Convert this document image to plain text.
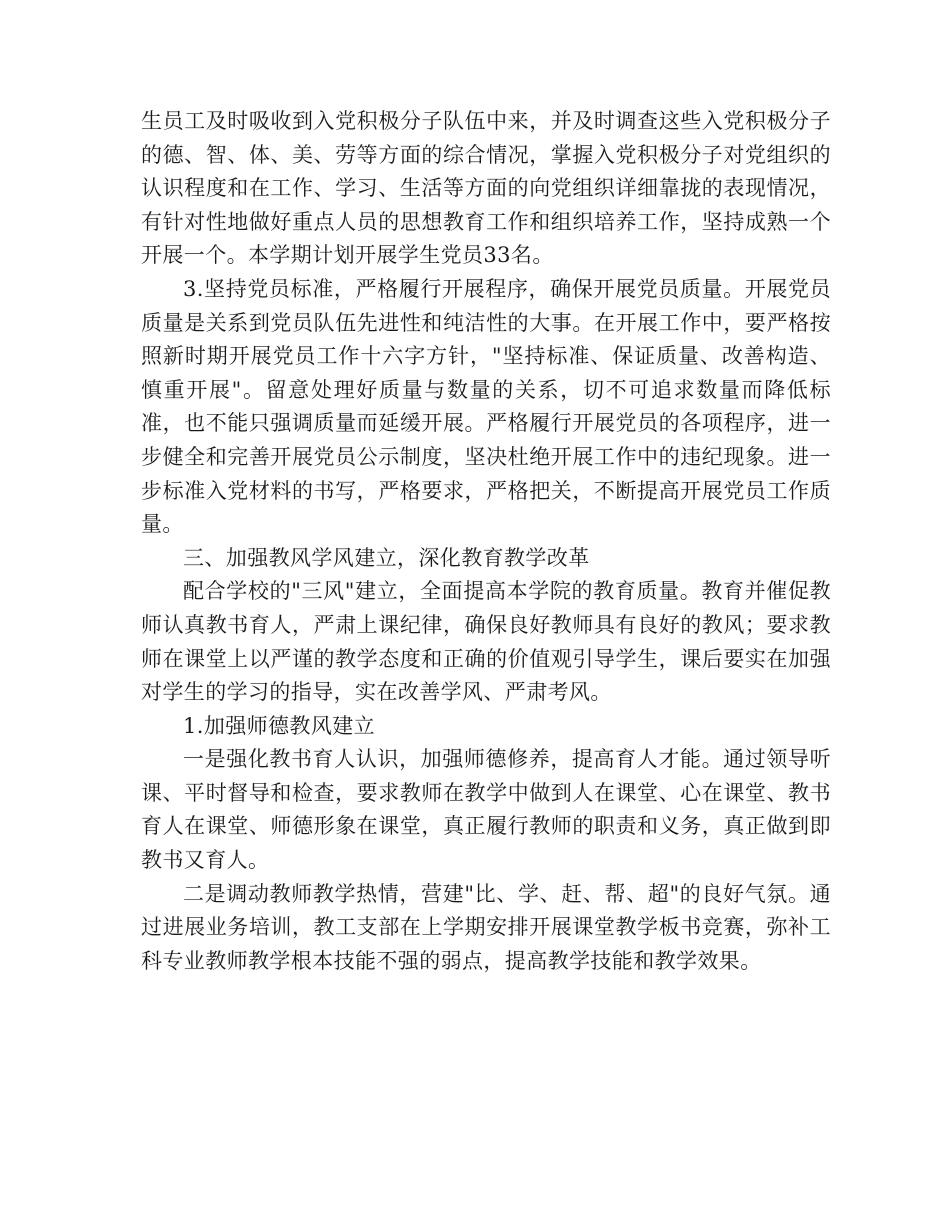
生员工及时吸收到入党积极分子队伍中来，并及时调查这些入党积极分子的德、智、体、美、劳等方面的综合情况，掌握入党积极分子对党组织的认识程度和在工作、学习、生活等方面的向党组织详细靠拢的表现情况，有针对性地做好重点人员的思想教育工作和组织培养工作，坚持成熟一个开展一个。本学期计划开展学生党员33名。

3.坚持党员标准，严格履行开展程序，确保开展党员质量。开展党员质量是关系到党员队伍先进性和纯洁性的大事。在开展工作中，要严格按照新时期开展党员工作十六字方针，"坚持标准、保证质量、改善构造、慎重开展"。留意处理好质量与数量的关系，切不可追求数量而降低标准，也不能只强调质量而延缓开展。严格履行开展党员的各项程序，进一步健全和完善开展党员公示制度，坚决杜绝开展工作中的违纪现象。进一步标准入党材料的书写，严格要求，严格把关，不断提高开展党员工作质量。

三、加强教风学风建立，深化教育教学改革

配合学校的"三风"建立，全面提高本学院的教育质量。教育并催促教师认真教书育人，严肃上课纪律，确保良好教师具有良好的教风；要求教师在课堂上以严谨的教学态度和正确的价值观引导学生，课后要实在加强对学生的学习的指导，实在改善学风、严肃考风。

1.加强师德教风建立

一是强化教书育人认识，加强师德修养，提高育人才能。通过领导听课、平时督导和检查，要求教师在教学中做到人在课堂、心在课堂、教书育人在课堂、师德形象在课堂，真正履行教师的职责和义务，真正做到即教书又育人。

二是调动教师教学热情，营建"比、学、赶、帮、超"的良好气氛。通过进展业务培训，教工支部在上学期安排开展课堂教学板书竞赛，弥补工科专业教师教学根本技能不强的弱点，提高教学技能和教学效果。
